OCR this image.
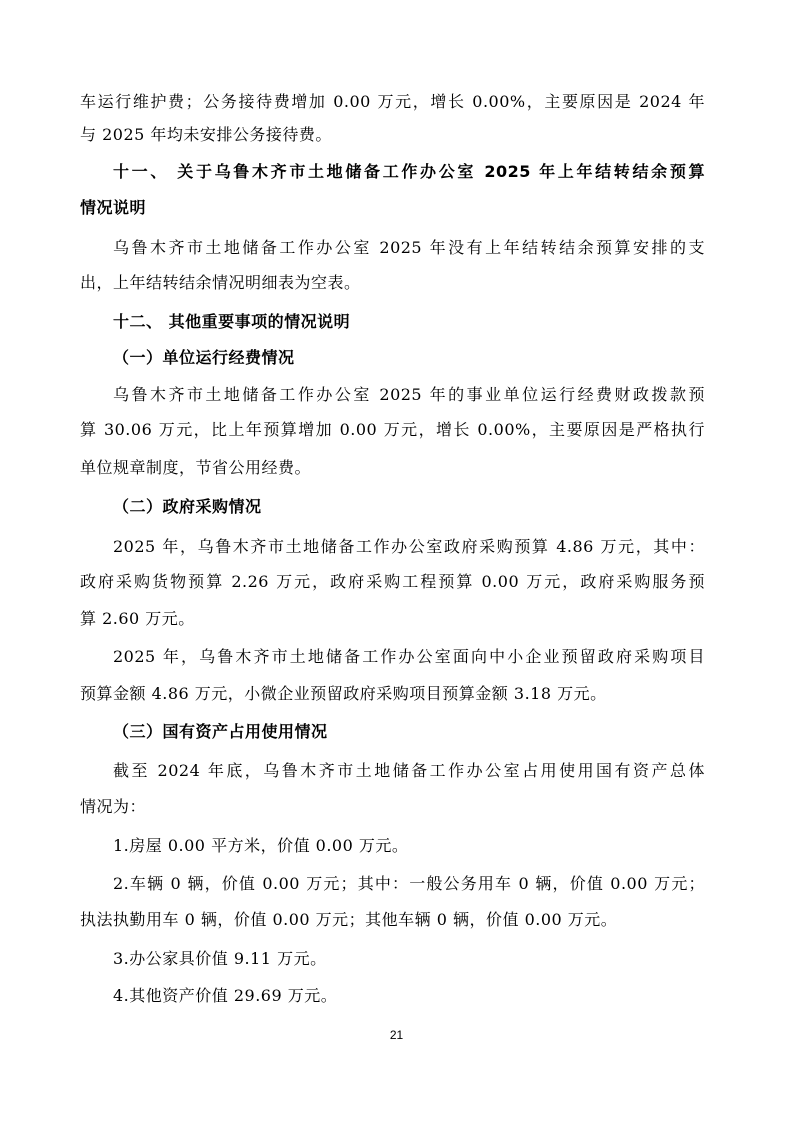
车运行维护费；公务接待费增加 0.00 万元，增长 0.00%，主要原因是 2024 年
与 2025 年均未安排公务接待费。
十一、 关于乌鲁木齐市土地储备工作办公室 2025 年上年结转结余预算
情况说明
乌鲁木齐市土地储备工作办公室 2025 年没有上年结转结余预算安排的支
出，上年结转结余情况明细表为空表。
十二、 其他重要事项的情况说明
（一）单位运行经费情况
乌鲁木齐市土地储备工作办公室 2025 年的事业单位运行经费财政拨款预
算 30.06 万元，比上年预算增加 0.00 万元，增长 0.00%，主要原因是严格执行
单位规章制度，节省公用经费。
（二）政府采购情况
2025 年，乌鲁木齐市土地储备工作办公室政府采购预算 4.86 万元，其中：
政府采购货物预算 2.26 万元，政府采购工程预算 0.00 万元，政府采购服务预
算 2.60 万元。
2025 年，乌鲁木齐市土地储备工作办公室面向中小企业预留政府采购项目
预算金额 4.86 万元，小微企业预留政府采购项目预算金额 3.18 万元。
（三）国有资产占用使用情况
截至 2024 年底，乌鲁木齐市土地储备工作办公室占用使用国有资产总体
情况为：
1.房屋 0.00 平方米，价值 0.00 万元。
2.车辆 0 辆，价值 0.00 万元；其中：一般公务用车 0 辆，价值 0.00 万元；
执法执勤用车 0 辆，价值 0.00 万元；其他车辆 0 辆，价值 0.00 万元。
3.办公家具价值 9.11 万元。
4.其他资产价值 29.69 万元。
21
